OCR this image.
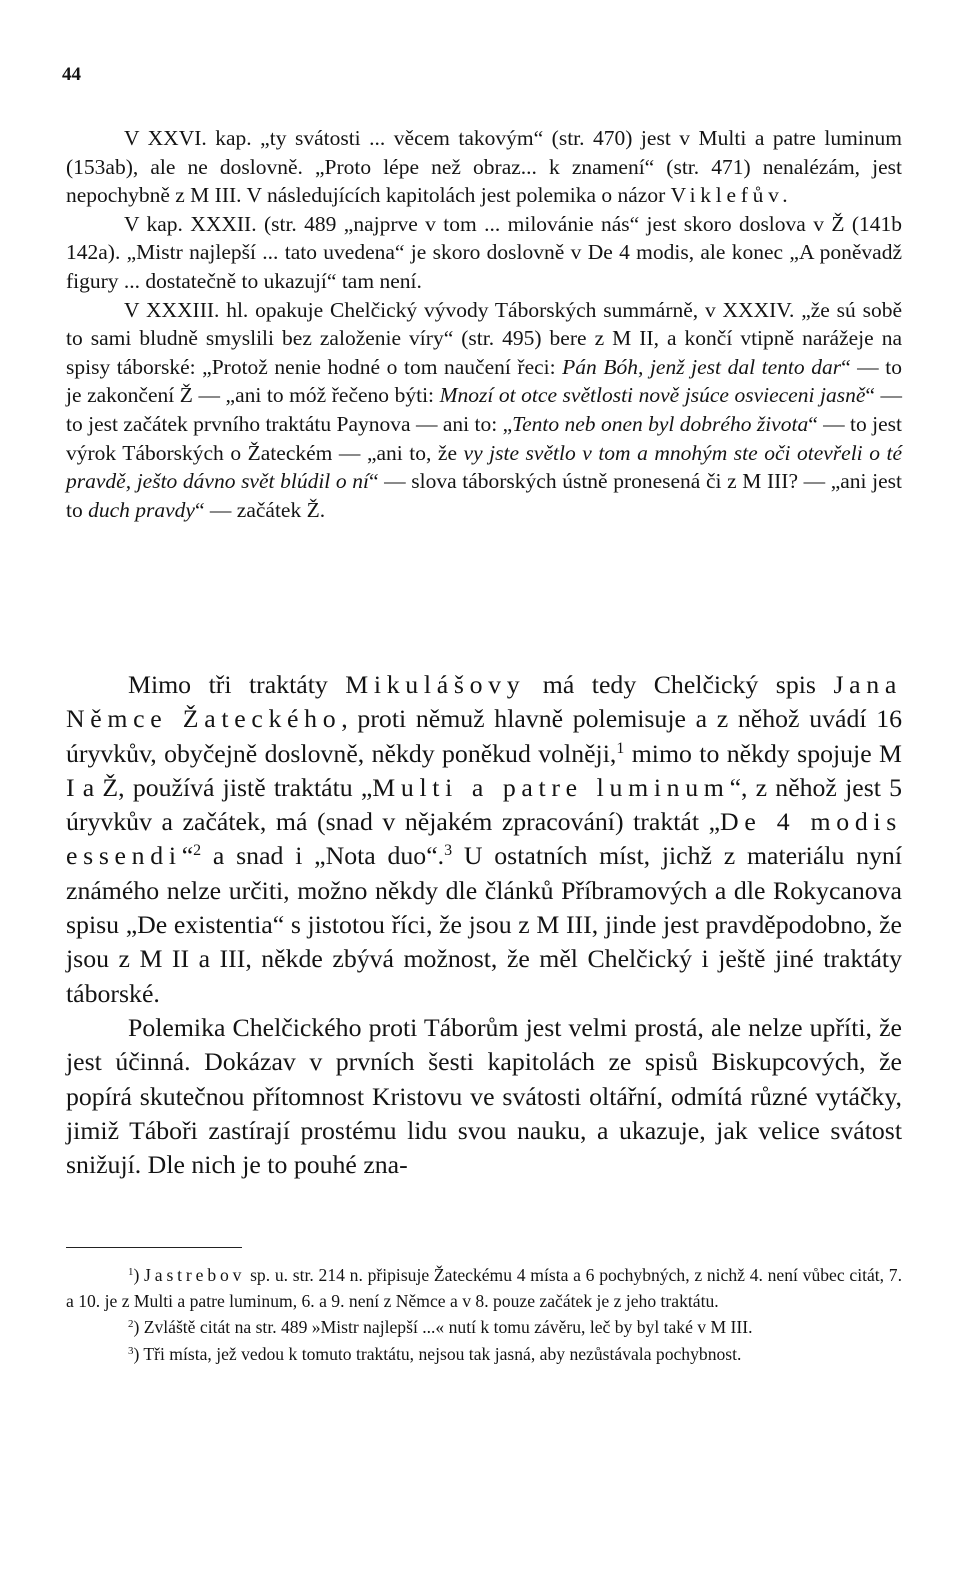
44

V XXVI. kap. „ty svátosti ... věcem takovým“ (str. 470) jest v Multi a patre luminum (153ab), ale ne doslovně. „Proto lépe než obraz... k znamení“ (str. 471) nenalézám, jest nepochybně z M III. V následujících kapitolách jest polemika o názor Viklefův.

V kap. XXXII. (str. 489 „najprve v tom ... milovánie nás“ jest skoro doslova v Ž (141b 142a). „Mistr najlepší ... tato uvedena“ je skoro doslovně v De 4 modis, ale konec „A poněvadž figury ... dostatečně to ukazují“ tam není.

V XXXIII. hl. opakuje Chelčický vývody Táborských summárně, v XXXIV. „že sú sobě to sami bludně smyslili bez založenie víry“ (str. 495) bere z M II, a končí vtipně narážeje na spisy táborské: „Protož nenie hodné o tom naučení řeci: Pán Bóh, jenž jest dal tento dar“ — to je zakončení Ž — „ani to móž řečeno býti: Mnozí ot otce světlosti nově jsúce osvieceni jasně“ — to jest začátek prvního traktátu Paynova — ani to: „Tento neb onen byl dobrého života“ — to jest výrok Táborských o Žateckém — „ani to, že vy jste světlo v tom a mnohým ste oči otevřeli o té pravdě, ješto dávno svět blúdil o ní“ — slova táborských ústně pronesená či z M III? — „ani jest to duch pravdy“ — začátek Ž.

Mimo tři traktáty Mikulášovy má tedy Chelčický spis Jana Němce Žateckého, proti němuž hlavně polemisuje a z něhož uvádí 16 úryvkův, obyčejně doslovně, někdy poněkud volněji,$^1$ mimo to někdy spojuje M I a Ž, používá jistě traktátu „Multi a patre luminum“, z něhož jest 5 úryvkův a začátek, má (snad v nějakém zpracování) traktát „De 4 modis essendi“$^2$ a snad i „Nota duo“.$^3$ U ostatních míst, jichž z materiálu nyní známého nelze určiti, možno někdy dle článků Příbramových a dle Rokycanova spisu „De existentia“ s jistotou říci, že jsou z M III, jinde jest pravděpodobno, že jsou z M II a III, někde zbývá možnost, že měl Chelčický i ještě jiné traktáty táborské.

Polemika Chelčického proti Táborům jest velmi prostá, ale nelze upříti, že jest účinná. Dokázav v prvních šesti kapitolách ze spisů Biskupcových, že popírá skutečnou přítomnost Kristovu ve svátosti oltářní, odmítá různé vytáčky, jimiž Táboři zastírají prostému lidu svou nauku, a ukazuje, jak velice svátost snižují. Dle nich je to pouhé zna-

$^1$) Jastrebov sp. u. str. 214 n. připisuje Žateckému 4 místa a 6 pochybných, z nichž 4. není vůbec citát, 7. a 10. je z Multi a patre luminum, 6. a 9. není z Němce a v 8. pouze začátek je z jeho traktátu.

$^2$) Zvláště citát na str. 489 »Mistr najlepší ...« nutí k tomu závěru, leč by byl také v M III.

$^3$) Tři místa, jež vedou k tomuto traktátu, nejsou tak jasná, aby nezůstávala pochybnost.
